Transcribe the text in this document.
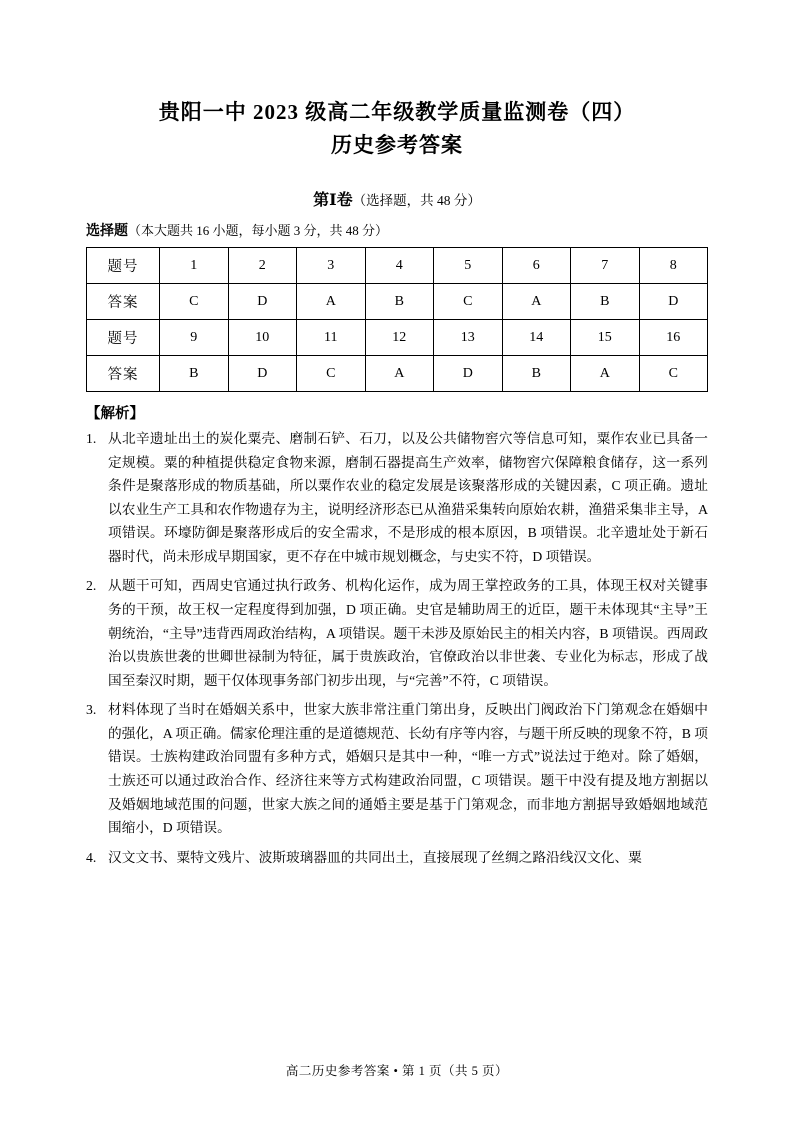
贵阳一中 2023 级高二年级教学质量监测卷（四）
历史参考答案
第Ⅰ卷（选择题，共 48 分）
选择题（本大题共 16 小题，每小题 3 分，共 48 分）
题号	1	2	3	4	5	6	7	8
答案	C	D	A	B	C	A	B	D
题号	9	10	11	12	13	14	15	16
答案	B	D	C	A	D	B	A	C
【解析】
1. 从北辛遗址出土的炭化粟壳、磨制石铲、石刀，以及公共储物窖穴等信息可知，粟作农业已具备一定规模。粟的种植提供稳定食物来源，磨制石器提高生产效率，储物窖穴保障粮食储存，这一系列条件是聚落形成的物质基础，所以粟作农业的稳定发展是该聚落形成的关键因素，C 项正确。遗址以农业生产工具和农作物遗存为主，说明经济形态已从渔猎采集转向原始农耕，渔猎采集非主导，A 项错误。环壕防御是聚落形成后的安全需求，不是形成的根本原因，B 项错误。北辛遗址处于新石器时代，尚未形成早期国家，更不存在中城市规划概念，与史实不符，D 项错误。
2. 从题干可知，西周史官通过执行政务、机构化运作，成为周王掌控政务的工具，体现王权对关键事务的干预，故王权一定程度得到加强，D 项正确。史官是辅助周王的近臣，题干未体现其“主导”王朝统治，“主导”违背西周政治结构，A 项错误。题干未涉及原始民主的相关内容，B 项错误。西周政治以贵族世袭的世卿世禄制为特征，属于贵族政治，官僚政治以非世袭、专业化为标志，形成了战国至秦汉时期，题干仅体现事务部门初步出现，与“完善”不符，C 项错误。
3. 材料体现了当时在婚姻关系中，世家大族非常注重门第出身，反映出门阀政治下门第观念在婚姻中的强化，A 项正确。儒家伦理注重的是道德规范、长幼有序等内容，与题干所反映的现象不符，B 项错误。士族构建政治同盟有多种方式，婚姻只是其中一种，“唯一方式”说法过于绝对。除了婚姻，士族还可以通过政治合作、经济往来等方式构建政治同盟，C 项错误。题干中没有提及地方割据以及婚姻地域范围的问题，世家大族之间的通婚主要是基于门第观念，而非地方割据导致婚姻地域范围缩小，D 项错误。
4. 汉文文书、粟特文残片、波斯玻璃器皿的共同出土，直接展现了丝绸之路沿线汉文化、粟
高二历史参考答案 • 第 1 页（共 5 页）
